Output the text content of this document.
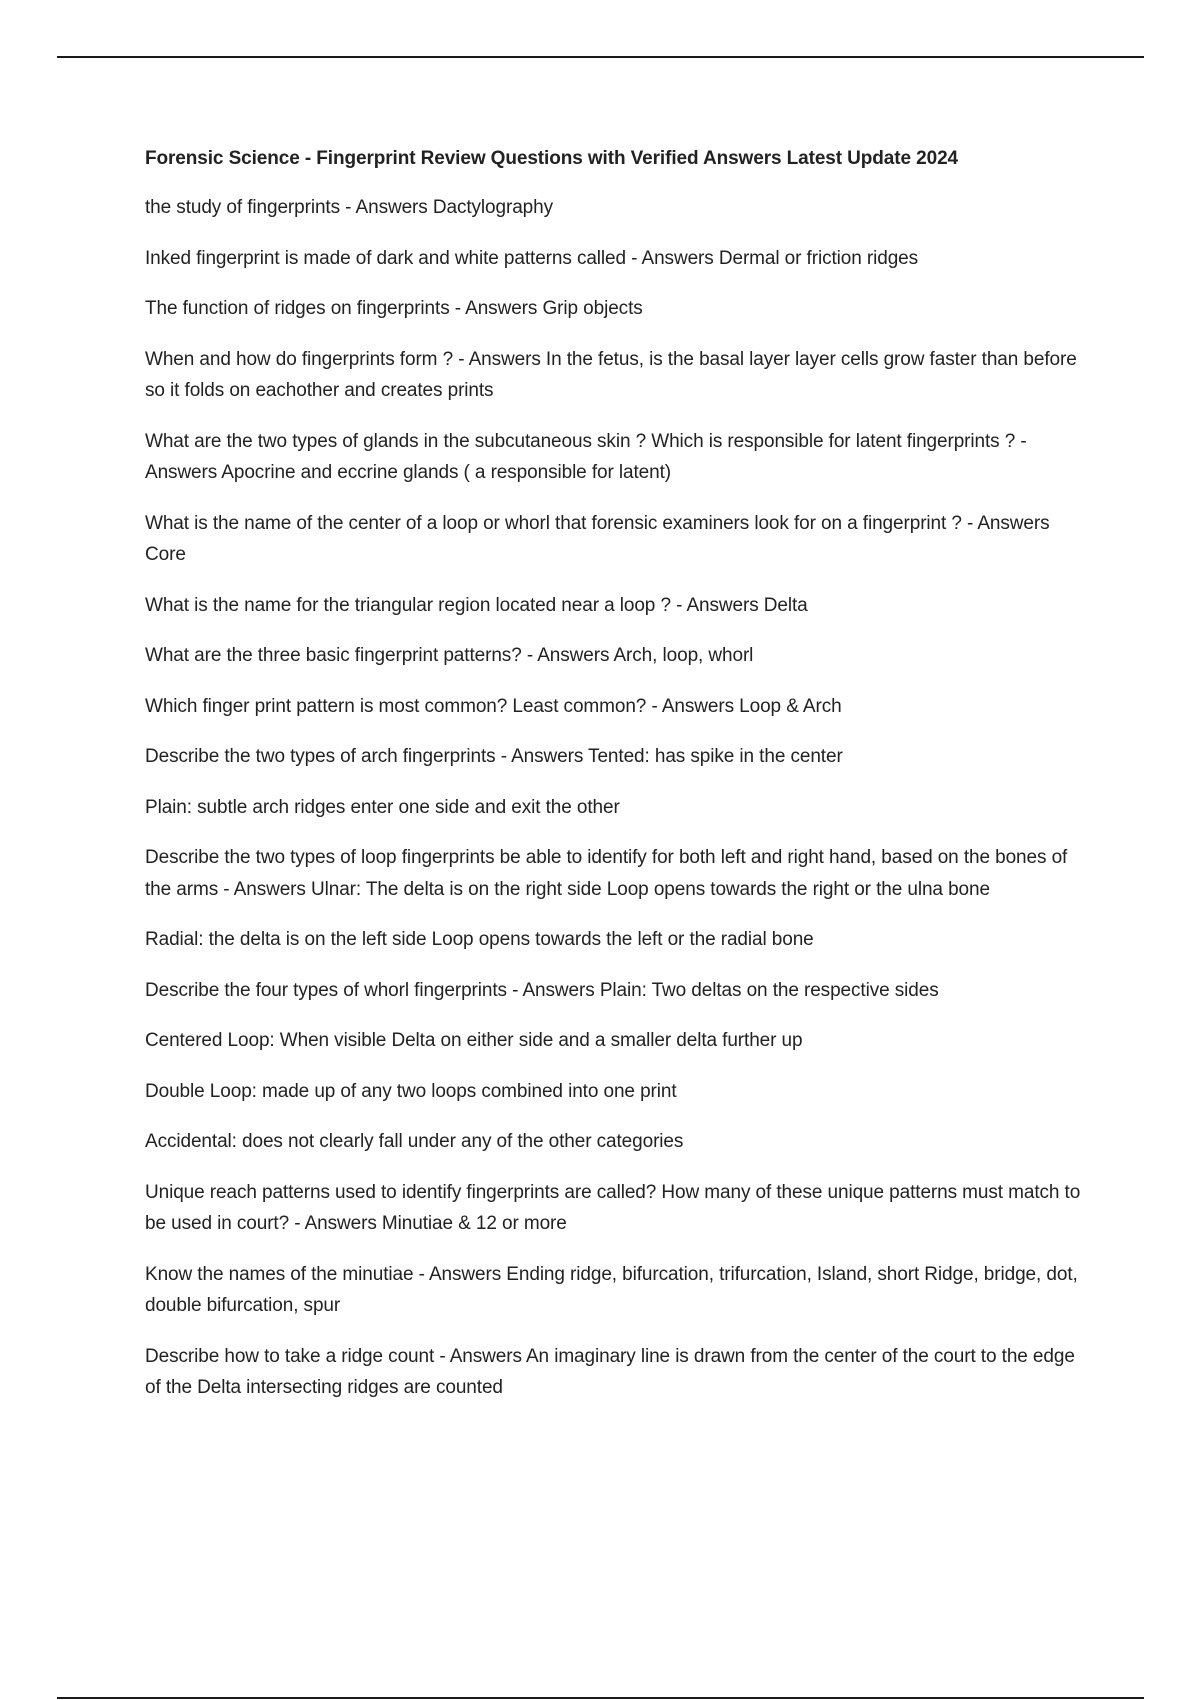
Forensic Science - Fingerprint Review Questions with Verified Answers Latest Update 2024

the study of fingerprints - Answers Dactylography

Inked fingerprint is made of dark and white patterns called - Answers Dermal or friction ridges

The function of ridges on fingerprints - Answers Grip objects

When and how do fingerprints form ? - Answers In the fetus, is the basal layer layer cells grow faster than before so it folds on eachother and creates prints

What are the two types of glands in the subcutaneous skin ? Which is responsible for latent fingerprints ? - Answers Apocrine and eccrine glands ( a responsible for latent)

What is the name of the center of a loop or whorl that forensic examiners look for on a fingerprint ? - Answers Core

What is the name for the triangular region located near a loop ? - Answers Delta

What are the three basic fingerprint patterns? - Answers Arch, loop, whorl

Which finger print pattern is most common? Least common? - Answers Loop & Arch

Describe the two types of arch fingerprints - Answers Tented: has spike in the center

Plain: subtle arch ridges enter one side and exit the other

Describe the two types of loop fingerprints be able to identify for both left and right hand, based on the bones of the arms - Answers Ulnar: The delta is on the right side Loop opens towards the right or the ulna bone

Radial: the delta is on the left side Loop opens towards the left or the radial bone

Describe the four types of whorl fingerprints - Answers Plain: Two deltas on the respective sides

Centered Loop: When visible Delta on either side and a smaller delta further up

Double Loop: made up of any two loops combined into one print

Accidental: does not clearly fall under any of the other categories

Unique reach patterns used to identify fingerprints are called? How many of these unique patterns must match to be used in court? - Answers Minutiae & 12 or more

Know the names of the minutiae - Answers Ending ridge, bifurcation, trifurcation, Island, short Ridge, bridge, dot, double bifurcation, spur

Describe how to take a ridge count - Answers An imaginary line is drawn from the center of the court to the edge of the Delta intersecting ridges are counted
